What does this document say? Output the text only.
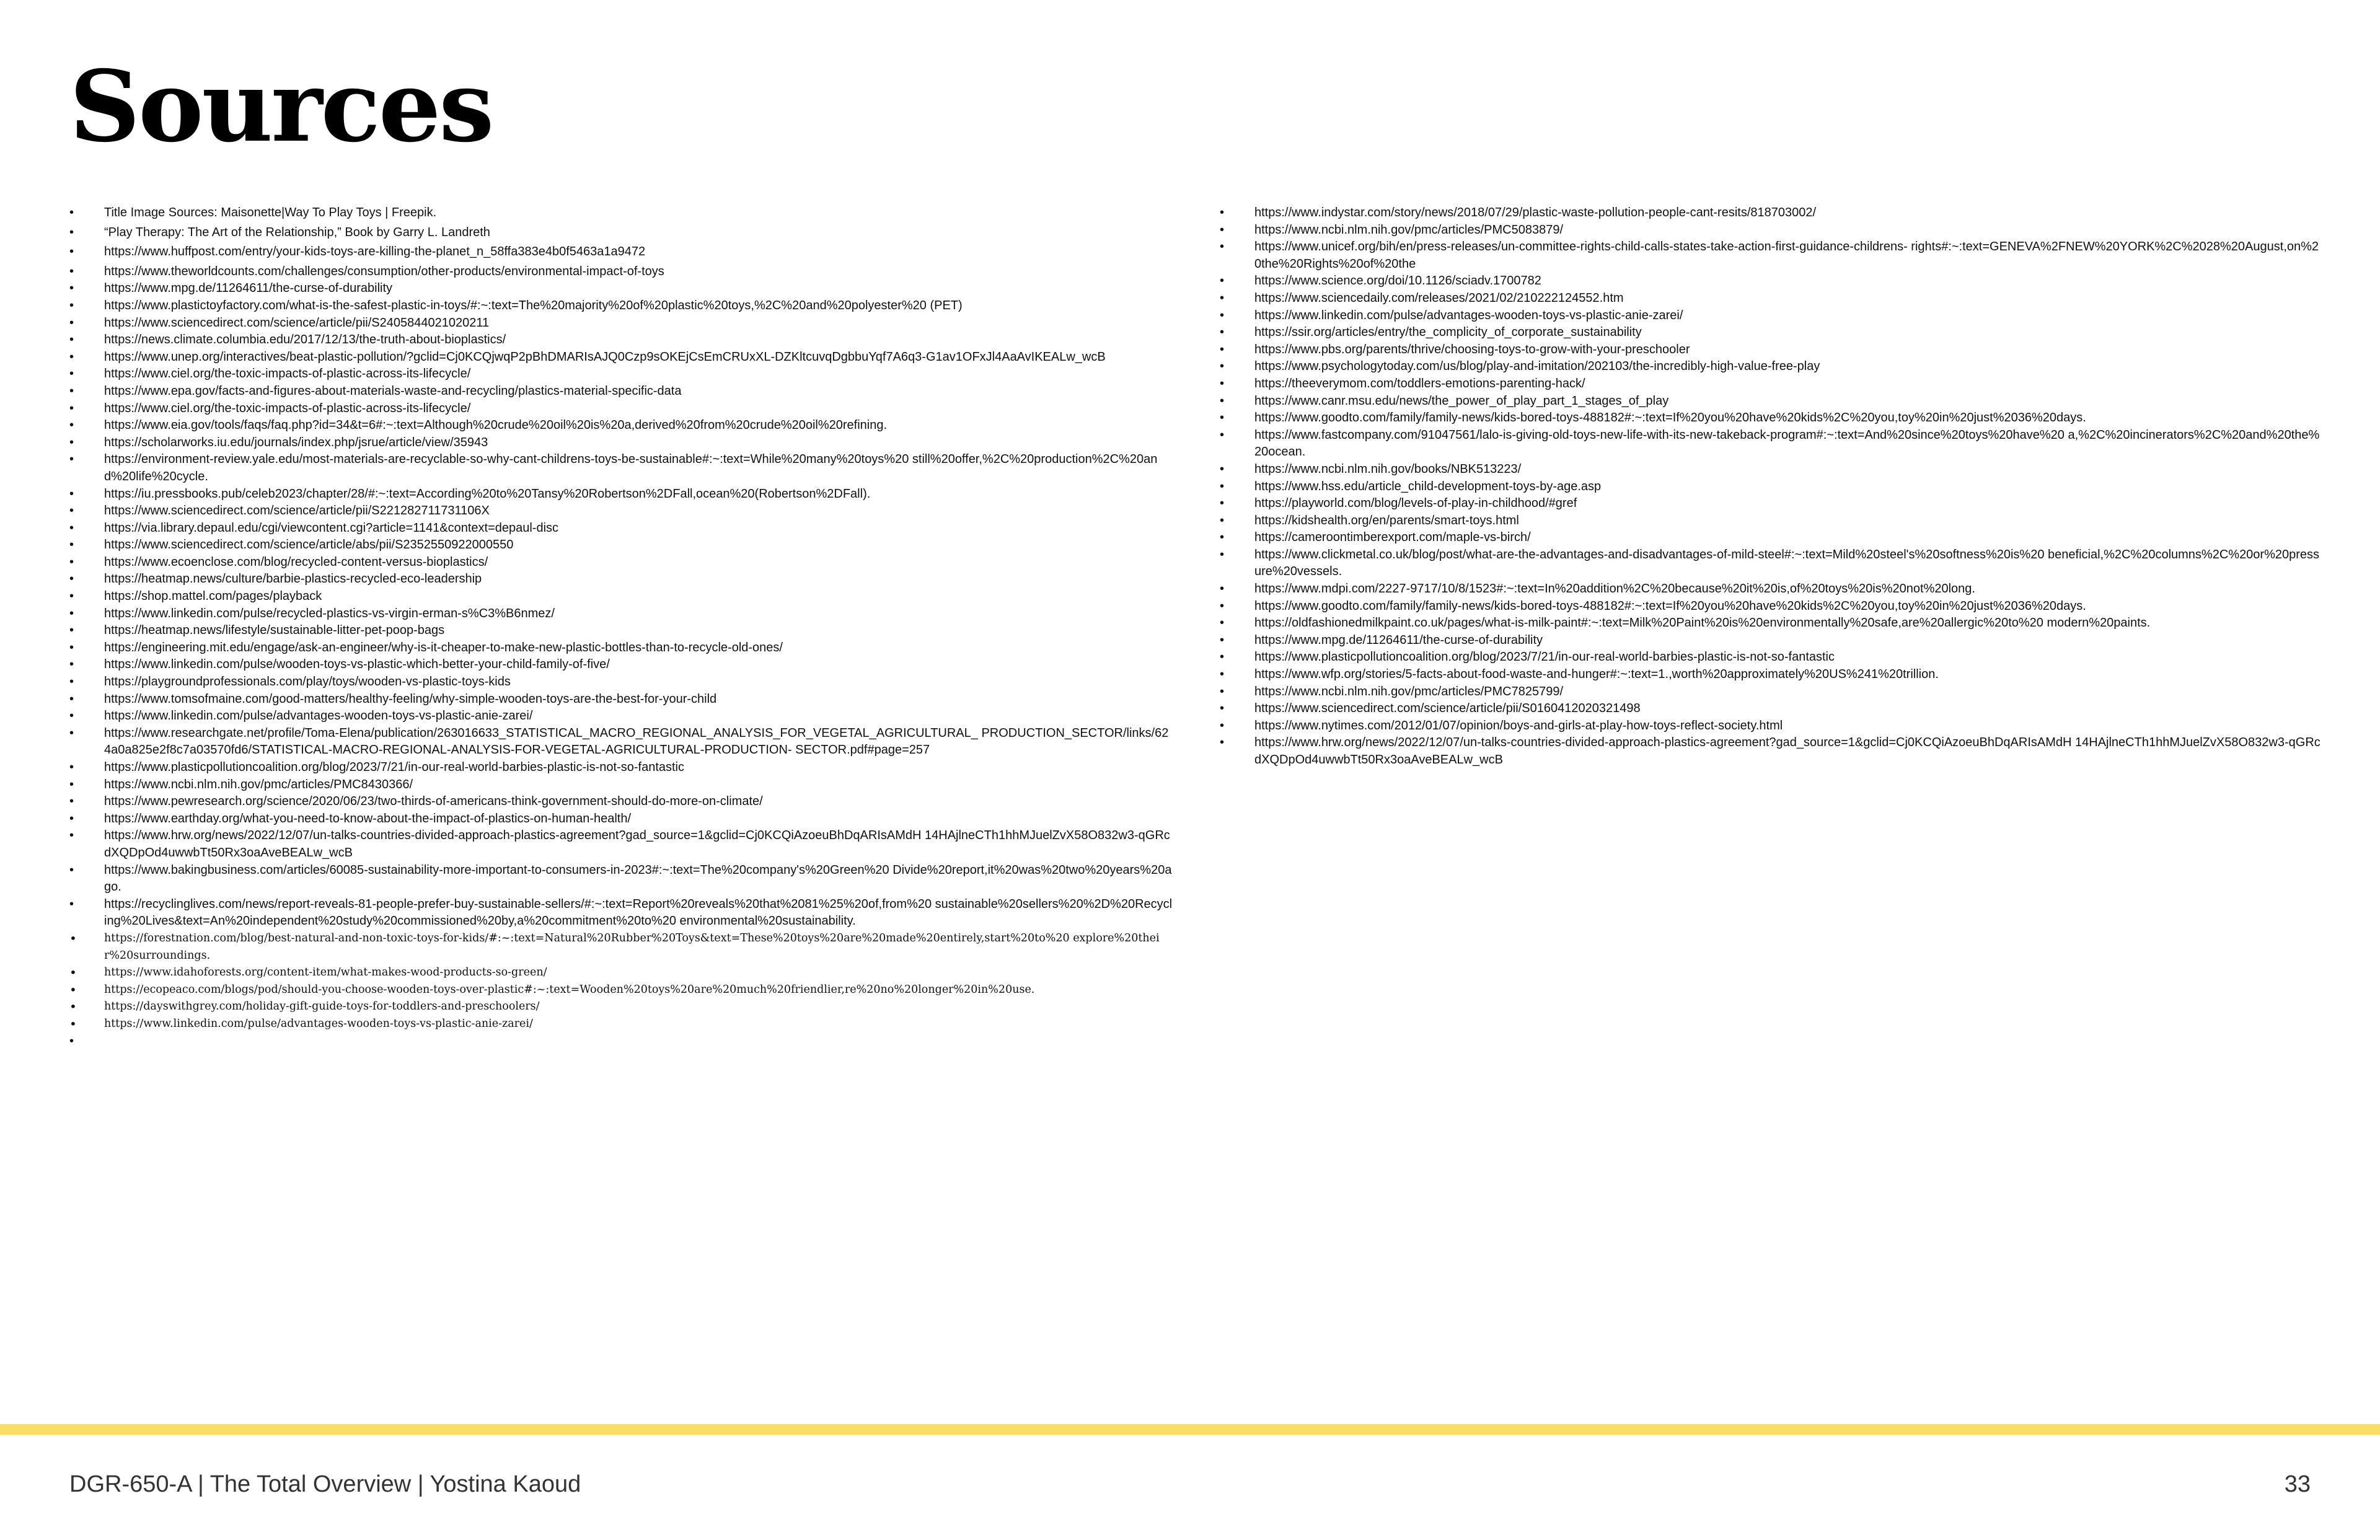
Sources
• Title Image Sources: Maisonette|Way To Play Toys | Freepik.
• “Play Therapy: The Art of the Relationship,” Book by Garry L. Landreth
• https://www.huffpost.com/entry/your-kids-toys-are-killing-the-planet_n_58ffa383e4b0f5463a1a9472
• https://www.theworldcounts.com/challenges/consumption/other-products/environmental-impact-of-toys
• https://www.mpg.de/11264611/the-curse-of-durability
• https://www.plastictoyfactory.com/what-is-the-safest-plastic-in-toys/#:~:text=The%20majority%20of%20plastic%20toys,%2C%20and%20polyester%20 (PET)
• https://www.sciencedirect.com/science/article/pii/S2405844021020211
• https://news.climate.columbia.edu/2017/12/13/the-truth-about-bioplastics/
• https://www.unep.org/interactives/beat-plastic-pollution/?gclid=Cj0KCQjwqP2pBhDMARIsAJQ0Czp9sOKEjCsEmCRUxXL-DZKltcuvqDgbbuYqf7A6q3-G1av1OFxJl4AaAvIKEALw_wcB
• https://www.ciel.org/the-toxic-impacts-of-plastic-across-its-lifecycle/
• https://www.epa.gov/facts-and-figures-about-materials-waste-and-recycling/plastics-material-specific-data
• https://www.ciel.org/the-toxic-impacts-of-plastic-across-its-lifecycle/
• https://www.eia.gov/tools/faqs/faq.php?id=34&t=6#:~:text=Although%20crude%20oil%20is%20a,derived%20from%20crude%20oil%20refining.
• https://scholarworks.iu.edu/journals/index.php/jsrue/article/view/35943
• https://environment-review.yale.edu/most-materials-are-recyclable-so-why-cant-childrens-toys-be-sustainable#:~:text=While%20many%20toys%20 still%20offer,%2C%20production%2C%20and%20life%20cycle.
• https://iu.pressbooks.pub/celeb2023/chapter/28/#:~:text=According%20to%20Tansy%20Robertson%2DFall,ocean%20(Robertson%2DFall).
• https://www.sciencedirect.com/science/article/pii/S221282711731106X
• https://via.library.depaul.edu/cgi/viewcontent.cgi?article=1141&context=depaul-disc
• https://www.sciencedirect.com/science/article/abs/pii/S2352550922000550
• https://www.ecoenclose.com/blog/recycled-content-versus-bioplastics/
• https://heatmap.news/culture/barbie-plastics-recycled-eco-leadership
• https://shop.mattel.com/pages/playback
• https://www.linkedin.com/pulse/recycled-plastics-vs-virgin-erman-s%C3%B6nmez/
• https://heatmap.news/lifestyle/sustainable-litter-pet-poop-bags
• https://engineering.mit.edu/engage/ask-an-engineer/why-is-it-cheaper-to-make-new-plastic-bottles-than-to-recycle-old-ones/
• https://www.linkedin.com/pulse/wooden-toys-vs-plastic-which-better-your-child-family-of-five/
• https://playgroundprofessionals.com/play/toys/wooden-vs-plastic-toys-kids
• https://www.tomsofmaine.com/good-matters/healthy-feeling/why-simple-wooden-toys-are-the-best-for-your-child
• https://www.linkedin.com/pulse/advantages-wooden-toys-vs-plastic-anie-zarei/
• https://www.researchgate.net/profile/Toma-Elena/publication/263016633_STATISTICAL_MACRO_REGIONAL_ANALYSIS_FOR_VEGETAL_AGRICULTURAL_ PRODUCTION_SECTOR/links/624a0a825e2f8c7a03570fd6/STATISTICAL-MACRO-REGIONAL-ANALYSIS-FOR-VEGETAL-AGRICULTURAL-PRODUCTION- SECTOR.pdf#page=257
• https://www.plasticpollutioncoalition.org/blog/2023/7/21/in-our-real-world-barbies-plastic-is-not-so-fantastic
• https://www.ncbi.nlm.nih.gov/pmc/articles/PMC8430366/
• https://www.pewresearch.org/science/2020/06/23/two-thirds-of-americans-think-government-should-do-more-on-climate/
• https://www.earthday.org/what-you-need-to-know-about-the-impact-of-plastics-on-human-health/
• https://www.hrw.org/news/2022/12/07/un-talks-countries-divided-approach-plastics-agreement?gad_source=1&gclid=Cj0KCQiAzoeuBhDqARIsAMdH 14HAjlneCTh1hhMJuelZvX58O832w3-qGRcdXQDpOd4uwwbTt50Rx3oaAveBEALw_wcB
• https://www.bakingbusiness.com/articles/60085-sustainability-more-important-to-consumers-in-2023#:~:text=The%20company's%20Green%20 Divide%20report,it%20was%20two%20years%20ago.
• https://recyclinglives.com/news/report-reveals-81-people-prefer-buy-sustainable-sellers/#:~:text=Report%20reveals%20that%2081%25%20of,from%20 sustainable%20sellers%20%2D%20Recycling%20Lives&text=An%20independent%20study%20commissioned%20by,a%20commitment%20to%20 environmental%20sustainability.
• https://forestnation.com/blog/best-natural-and-non-toxic-toys-for-kids/#:~:text=Natural%20Rubber%20Toys&text=These%20toys%20are%20made%20entirely,start%20to%20 explore%20their%20surroundings.
• https://www.idahoforests.org/content-item/what-makes-wood-products-so-green/
• https://ecopeaco.com/blogs/pod/should-you-choose-wooden-toys-over-plastic#:~:text=Wooden%20toys%20are%20much%20friendlier,re%20no%20longer%20in%20use.
• https://dayswithgrey.com/holiday-gift-guide-toys-for-toddlers-and-preschoolers/
• https://www.linkedin.com/pulse/advantages-wooden-toys-vs-plastic-anie-zarei/
•
• https://www.indystar.com/story/news/2018/07/29/plastic-waste-pollution-people-cant-resits/818703002/
• https://www.ncbi.nlm.nih.gov/pmc/articles/PMC5083879/
• https://www.unicef.org/bih/en/press-releases/un-committee-rights-child-calls-states-take-action-first-guidance-childrens- rights#:~:text=GENEVA%2FNEW%20YORK%2C%2028%20August,on%20the%20Rights%20of%20the
• https://www.science.org/doi/10.1126/sciadv.1700782
• https://www.sciencedaily.com/releases/2021/02/210222124552.htm
• https://www.linkedin.com/pulse/advantages-wooden-toys-vs-plastic-anie-zarei/
• https://ssir.org/articles/entry/the_complicity_of_corporate_sustainability
• https://www.pbs.org/parents/thrive/choosing-toys-to-grow-with-your-preschooler
• https://www.psychologytoday.com/us/blog/play-and-imitation/202103/the-incredibly-high-value-free-play
• https://theeverymom.com/toddlers-emotions-parenting-hack/
• https://www.canr.msu.edu/news/the_power_of_play_part_1_stages_of_play
• https://www.goodto.com/family/family-news/kids-bored-toys-488182#:~:text=If%20you%20have%20kids%2C%20you,toy%20in%20just%2036%20days.
• https://www.fastcompany.com/91047561/lalo-is-giving-old-toys-new-life-with-its-new-takeback-program#:~:text=And%20since%20toys%20have%20 a,%2C%20incinerators%2C%20and%20the%20ocean.
• https://www.ncbi.nlm.nih.gov/books/NBK513223/
• https://www.hss.edu/article_child-development-toys-by-age.asp
• https://playworld.com/blog/levels-of-play-in-childhood/#gref
• https://kidshealth.org/en/parents/smart-toys.html
• https://cameroontimberexport.com/maple-vs-birch/
• https://www.clickmetal.co.uk/blog/post/what-are-the-advantages-and-disadvantages-of-mild-steel#:~:text=Mild%20steel's%20softness%20is%20 beneficial,%2C%20columns%2C%20or%20pressure%20vessels.
• https://www.mdpi.com/2227-9717/10/8/1523#:~:text=In%20addition%2C%20because%20it%20is,of%20toys%20is%20not%20long.
• https://www.goodto.com/family/family-news/kids-bored-toys-488182#:~:text=If%20you%20have%20kids%2C%20you,toy%20in%20just%2036%20days.
• https://oldfashionedmilkpaint.co.uk/pages/what-is-milk-paint#:~:text=Milk%20Paint%20is%20environmentally%20safe,are%20allergic%20to%20 modern%20paints.
• https://www.mpg.de/11264611/the-curse-of-durability
• https://www.plasticpollutioncoalition.org/blog/2023/7/21/in-our-real-world-barbies-plastic-is-not-so-fantastic
• https://www.wfp.org/stories/5-facts-about-food-waste-and-hunger#:~:text=1.,worth%20approximately%20US%241%20trillion.
• https://www.ncbi.nlm.nih.gov/pmc/articles/PMC7825799/
• https://www.sciencedirect.com/science/article/pii/S0160412020321498
• https://www.nytimes.com/2012/01/07/opinion/boys-and-girls-at-play-how-toys-reflect-society.html
• https://www.hrw.org/news/2022/12/07/un-talks-countries-divided-approach-plastics-agreement?gad_source=1&gclid=Cj0KCQiAzoeuBhDqARIsAMdH 14HAjlneCTh1hhMJuelZvX58O832w3-qGRcdXQDpOd4uwwbTt50Rx3oaAveBEALw_wcB
DGR-650-A | The Total Overview | Yostina Kaoud	33
